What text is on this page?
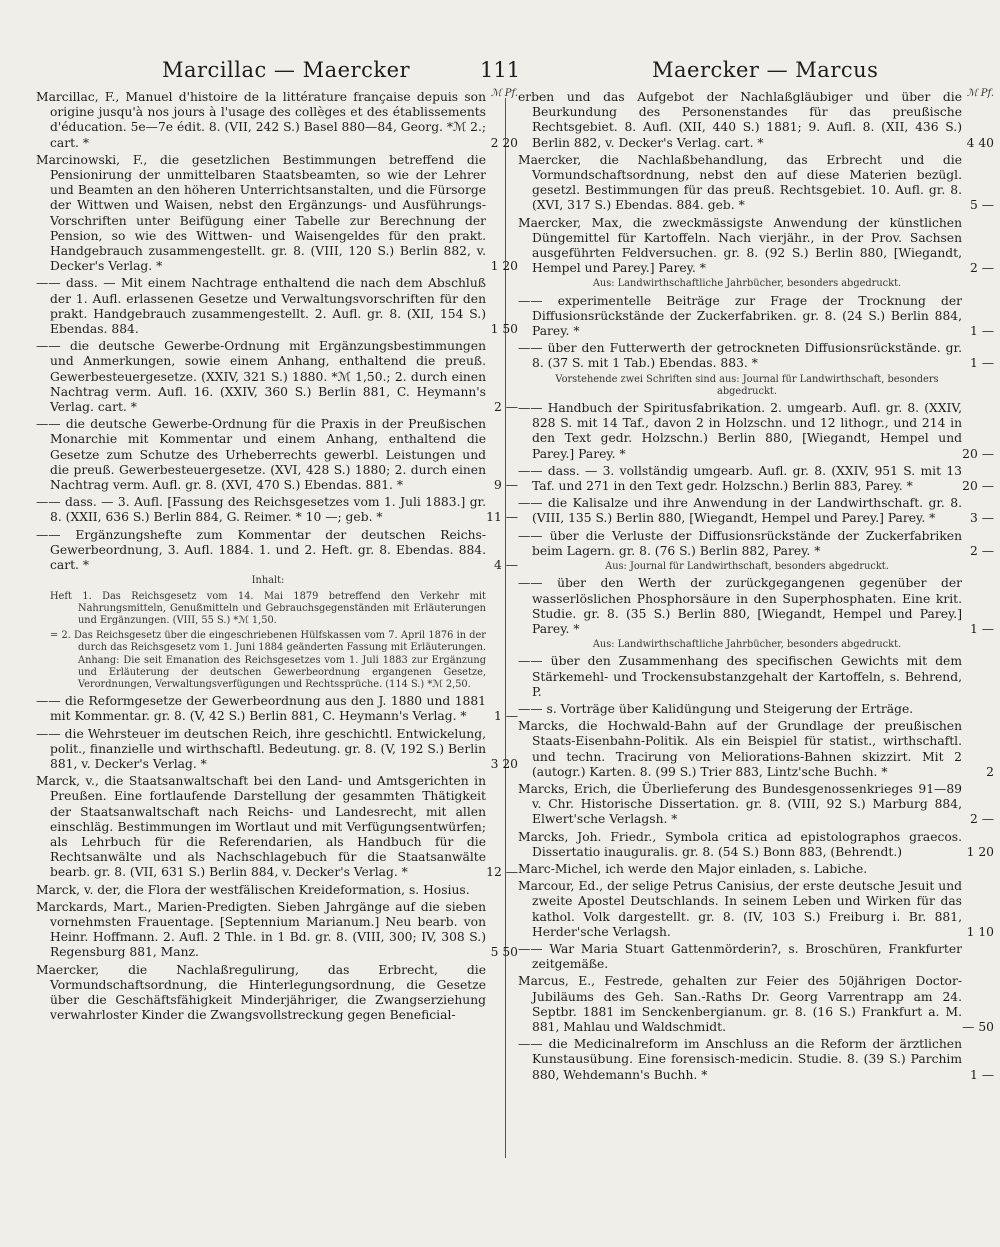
Marcillac — Maercker	111	Maercker — Marcus
ℳ Pf.

Marcillac, F., Manuel d'histoire de la littérature française depuis son origine jusqu'à nos jours à l'usage des collèges et des établissements d'éducation. 5e—7e édit. 8. (VII, 242 S.) Basel 880—84, Georg. *ℳ 2.; cart. *	2 20

Marcinowski, F., die gesetzlichen Bestimmungen betreffend die Pensionirung der unmittelbaren Staatsbeamten, so wie der Lehrer und Beamten an den höheren Unterrichtsanstalten, und die Fürsorge der Wittwen und Waisen, nebst den Ergänzungs- und Ausführungs-Vorschriften unter Beifügung einer Tabelle zur Berechnung der Pension, so wie des Wittwen- und Waisengeldes für den prakt. Handgebrauch zusammengestellt. gr. 8. (VIII, 120 S.) Berlin 882, v. Decker's Verlag. *	1 20

—— dass. — Mit einem Nachtrage enthaltend die nach dem Abschluß der 1. Aufl. erlassenen Gesetze und Verwaltungsvorschriften für den prakt. Handgebrauch zusammengestellt. 2. Aufl. gr. 8. (XII, 154 S.) Ebendas. 884.	1 50

—— die deutsche Gewerbe-Ordnung mit Ergänzungsbestimmungen und Anmerkungen, sowie einem Anhang, enthaltend die preuß. Gewerbesteuergesetze. (XXIV, 321 S.) 1880. *ℳ 1,50.; 2. durch einen Nachtrag verm. Aufl. 16. (XXIV, 360 S.) Berlin 881, C. Heymann's Verlag. cart. *	2 —

—— die deutsche Gewerbe-Ordnung für die Praxis in der Preußischen Monarchie mit Kommentar und einem Anhang, enthaltend die Gesetze zum Schutze des Urheberrechts gewerbl. Leistungen und die preuß. Gewerbesteuergesetze. (XVI, 428 S.) 1880; 2. durch einen Nachtrag verm. Aufl. gr. 8. (XVI, 470 S.) Ebendas. 881. *	9 —

—— dass. — 3. Aufl. [Fassung des Reichsgesetzes vom 1. Juli 1883.] gr. 8. (XXII, 636 S.) Berlin 884, G. Reimer. * 10 —; geb. *	11 —

—— Ergänzungshefte zum Kommentar der deutschen Reichs-Gewerbeordnung, 3. Aufl. 1884. 1. und 2. Heft. gr. 8. Ebendas. 884. cart. *	4 —

Inhalt:
Heft 1. Das Reichsgesetz vom 14. Mai 1879 betreffend den Verkehr mit Nahrungsmitteln, Genußmitteln und Gebrauchsgegenständen mit Erläuterungen und Ergänzungen. (VIII, 55 S.) *ℳ 1,50.
= 2. Das Reichsgesetz über die eingeschriebenen Hülfskassen vom 7. April 1876 in der durch das Reichsgesetz vom 1. Juni 1884 geänderten Fassung mit Erläuterungen. Anhang: Die seit Emanation des Reichsgesetzes vom 1. Juli 1883 zur Ergänzung und Erläuterung der deutschen Gewerbeordnung ergangenen Gesetze, Verordnungen, Verwaltungsverfügungen und Rechtssprüche. (114 S.) *ℳ 2,50.

—— die Reformgesetze der Gewerbeordnung aus den J. 1880 und 1881 mit Kommentar. gr. 8. (V, 42 S.) Berlin 881, C. Heymann's Verlag. * 1 —

—— die Wehrsteuer im deutschen Reich, ihre geschichtl. Entwickelung, polit., finanzielle und wirthschaftl. Bedeutung. gr. 8. (V, 192 S.) Berlin 881, v. Decker's Verlag. *	3 20

Marck, v., die Staatsanwaltschaft bei den Land- und Amtsgerichten in Preußen. Eine fortlaufende Darstellung der gesammten Thätigkeit der Staatsanwaltschaft nach Reichs- und Landesrecht, mit allen einschläg. Bestimmungen im Wortlaut und mit Verfügungsentwürfen; als Lehrbuch für die Referendarien, als Handbuch für die Rechtsanwälte und als Nachschlagebuch für die Staatsanwälte bearb. gr. 8. (VII, 631 S.) Berlin 884, v. Decker's Verlag. *	12 —

Marck, v. der, die Flora der westfälischen Kreideformation, s. Hosius.

Marckards, Mart., Marien-Predigten. Sieben Jahrgänge auf die sieben vornehmsten Frauentage. [Septennium Marianum.] Neu bearb. von Heinr. Hoffmann. 2. Aufl. 2 Thle. in 1 Bd. gr. 8. (VIII, 300; IV, 308 S.) Regensburg 881, Manz.	5 50

Maercker, die Nachlaßregulirung, das Erbrecht, die Vormundschaftsordnung, die Hinterlegungsordnung, die Gesetze über die Geschäftsfähigkeit Minderjähriger, die Zwangserziehung verwahrloster Kinder die Zwangsvollstreckung gegen Beneficial-

ℳ Pf.

erben und das Aufgebot der Nachlaßgläubiger und über die Beurkundung des Personenstandes für das preußische Rechtsgebiet. 8. Aufl. (XII, 440 S.) 1881; 9. Aufl. 8. (XII, 436 S.) Berlin 882, v. Decker's Verlag. cart. *	4 40

Maercker, die Nachlaßbehandlung, das Erbrecht und die Vormundschaftsordnung, nebst den auf diese Materien bezügl. gesetzl. Bestimmungen für das preuß. Rechtsgebiet. 10. Aufl. gr. 8. (XVI, 317 S.) Ebendas. 884. geb. *	5 —

Maercker, Max, die zweckmässigste Anwendung der künstlichen Düngemittel für Kartoffeln. Nach vierjähr., in der Prov. Sachsen ausgeführten Feldversuchen. gr. 8. (92 S.) Berlin 880, [Wiegandt, Hempel und Parey.] Parey. *	2 —

Aus: Landwirthschaftliche Jahrbücher, besonders abgedruckt.

—— experimentelle Beiträge zur Frage der Trocknung der Diffusionsrückstände der Zuckerfabriken. gr. 8. (24 S.) Berlin 884, Parey. *	1 —

—— über den Futterwerth der getrockneten Diffusionsrückstände. gr. 8. (37 S. mit 1 Tab.) Ebendas. 883. *	1 —

Vorstehende zwei Schriften sind aus: Journal für Landwirthschaft, besonders abgedruckt.

—— Handbuch der Spiritusfabrikation. 2. umgearb. Aufl. gr. 8. (XXIV, 828 S. mit 14 Taf., davon 2 in Holzschn. und 12 lithogr., und 214 in den Text gedr. Holzschn.) Berlin 880, [Wiegandt, Hempel und Parey.] Parey. *	20 —

—— dass. — 3. vollständig umgearb. Aufl. gr. 8. (XXIV, 951 S. mit 13 Taf. und 271 in den Text gedr. Holzschn.) Berlin 883, Parey. *	20 —

—— die Kalisalze und ihre Anwendung in der Landwirthschaft. gr. 8. (VIII, 135 S.) Berlin 880, [Wiegandt, Hempel und Parey.] Parey. *	3 —

—— über die Verluste der Diffusionsrückstände der Zuckerfabriken beim Lagern. gr. 8. (76 S.) Berlin 882, Parey. *	2 —

Aus: Journal für Landwirthschaft, besonders abgedruckt.

—— über den Werth der zurückgegangenen gegenüber der wasserlöslichen Phosphorsäure in den Superphosphaten. Eine krit. Studie. gr. 8. (35 S.) Berlin 880, [Wiegandt, Hempel und Parey.] Parey. *	1 —

Aus: Landwirthschaftliche Jahrbücher, besonders abgedruckt.

—— über den Zusammenhang des specifischen Gewichts mit dem Stärkemehl- und Trockensubstanzgehalt der Kartoffeln, s. Behrend, P.

—— s. Vorträge über Kalidüngung und Steigerung der Erträge.

Marcks, die Hochwald-Bahn auf der Grundlage der preußischen Staats-Eisenbahn-Politik. Als ein Beispiel für statist., wirthschaftl. und techn. Tracirung von Meliorations-Bahnen skizzirt. Mit 2 (autogr.) Karten. 8. (99 S.) Trier 883, Lintz'sche Buchh. *	2

Marcks, Erich, die Überlieferung des Bundesgenossenkrieges 91—89 v. Chr. Historische Dissertation. gr. 8. (VIII, 92 S.) Marburg 884, Elwert'sche Verlagsh. *	2 —

Marcks, Joh. Friedr., Symbola critica ad epistolographos graecos. Dissertatio inauguralis. gr. 8. (54 S.) Bonn 883, (Behrendt.)	1 20

Marc-Michel, ich werde den Major einladen, s. Labiche.

Marcour, Ed., der selige Petrus Canisius, der erste deutsche Jesuit und zweite Apostel Deutschlands. In seinem Leben und Wirken für das kathol. Volk dargestellt. gr. 8. (IV, 103 S.) Freiburg i. Br. 881, Herder'sche Verlagsh.	1 10

—— War Maria Stuart Gattenmörderin?, s. Broschüren, Frankfurter zeitgemäße.

Marcus, E., Festrede, gehalten zur Feier des 50jährigen Doctor-Jubiläums des Geh. San.-Raths Dr. Georg Varrentrapp am 24. Septbr. 1881 im Senckenbergianum. gr. 8. (16 S.) Frankfurt a. M. 881, Mahlau und Waldschmidt.	— 50

—— die Medicinalreform im Anschluss an die Reform der ärztlichen Kunstausübung. Eine forensisch-medicin. Studie. 8. (39 S.) Parchim 880, Wehdemann's Buchh. *	1 —
